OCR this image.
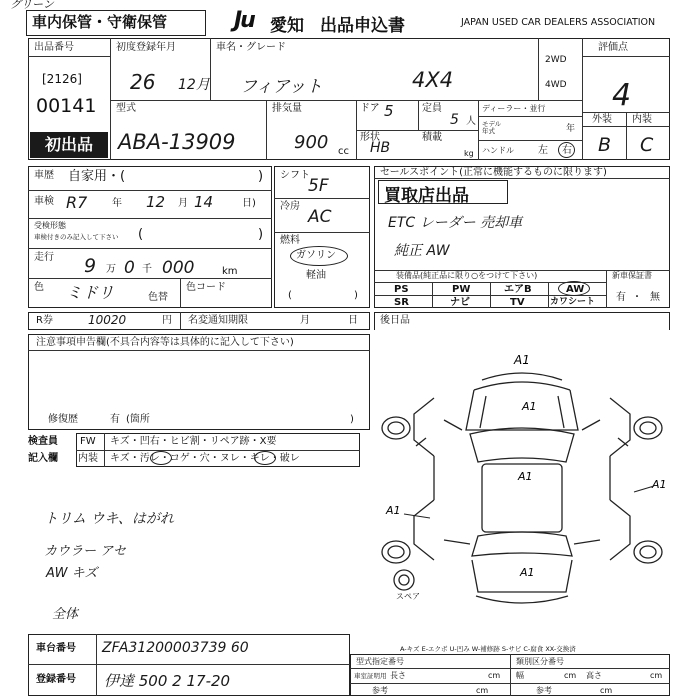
グリーン
車内保管・守衛保管	Ju 愛知 出品申込書	JAPAN USED CAR DEALERS ASSOCIATION
出品番号
[2126]
00141
初出品
初度登録年月
26 12月
車名・グレード
フィアット	4X4
2WD
4WD
評価点
4
外装 内装
B C
型式
ABA-13909
排気量
900 cc
ドア 5	定員
5 人
形状
HB
積載
kg
ディーラー・並行
モデル 年式	年
ハンドル 左 右
車歴 自家用・(	)
車検 R7 年 12 月 14	日)
受検形態
車検付きのみ記入して下さい (	)
走行 9 万 0 千 000	km
色 ミドリ	色替
色コード
シフト
5F
冷房
AC
燃料
ガソリン
軽油
(	)
セールスポイント(正常に機能するものに限ります)
買取店出品
ETC レーダー 売却車
純正 AW
装備品(純正品に限り○をつけて下さい)	新車保証書
有 ・ 無
PS	PW	エアB	AW
SR	ナビ	TV	カワシート
R券	10020	円 名変通知期限	月	日 後日品
注意事項申告欄(不具合内容等は具体的に記入して下さい)
修復歴	有 (箇所	)
検査員
記入欄
FW キズ・凹右・ヒビ割・リペア跡・X要
内装 キズ・汚レ・コゲ・穴・ヌレ・キレ・破レ
トリム ウキ、はがれ
カウラー アセ
AW キズ
全体
A1
A1
A1
A1
A1
A1
スペア
A-キズ E-エクボ U-凹み W-補修跡 S-サビ C-腐食 XX-交換済
車台番号 ZFA31200003739 60
登録番号 伊達 500 2 17-20
型式指定番号	類別区分番号
車室証明用 長さ	cm 幅	cm 高さ	cm
参考	cm	参考	cm
